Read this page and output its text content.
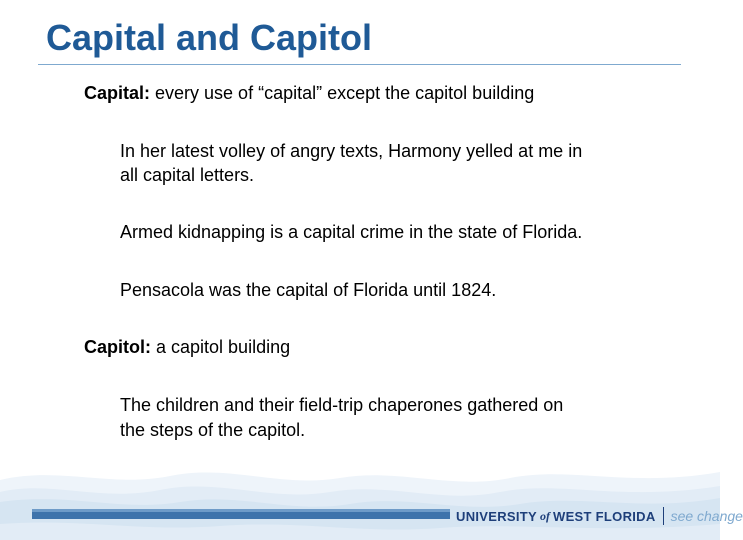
Capital and Capitol
Capital: every use of “capital” except the capitol building
In her latest volley of angry texts, Harmony yelled at me in
all capital letters.
Armed kidnapping is a capital crime in the state of Florida.
Pensacola was the capital of Florida until 1824.
Capitol: a capitol building
The children and their field-trip chaperones gathered on
the steps of the capitol.
UNIVERSITY of WEST FLORIDA see change
